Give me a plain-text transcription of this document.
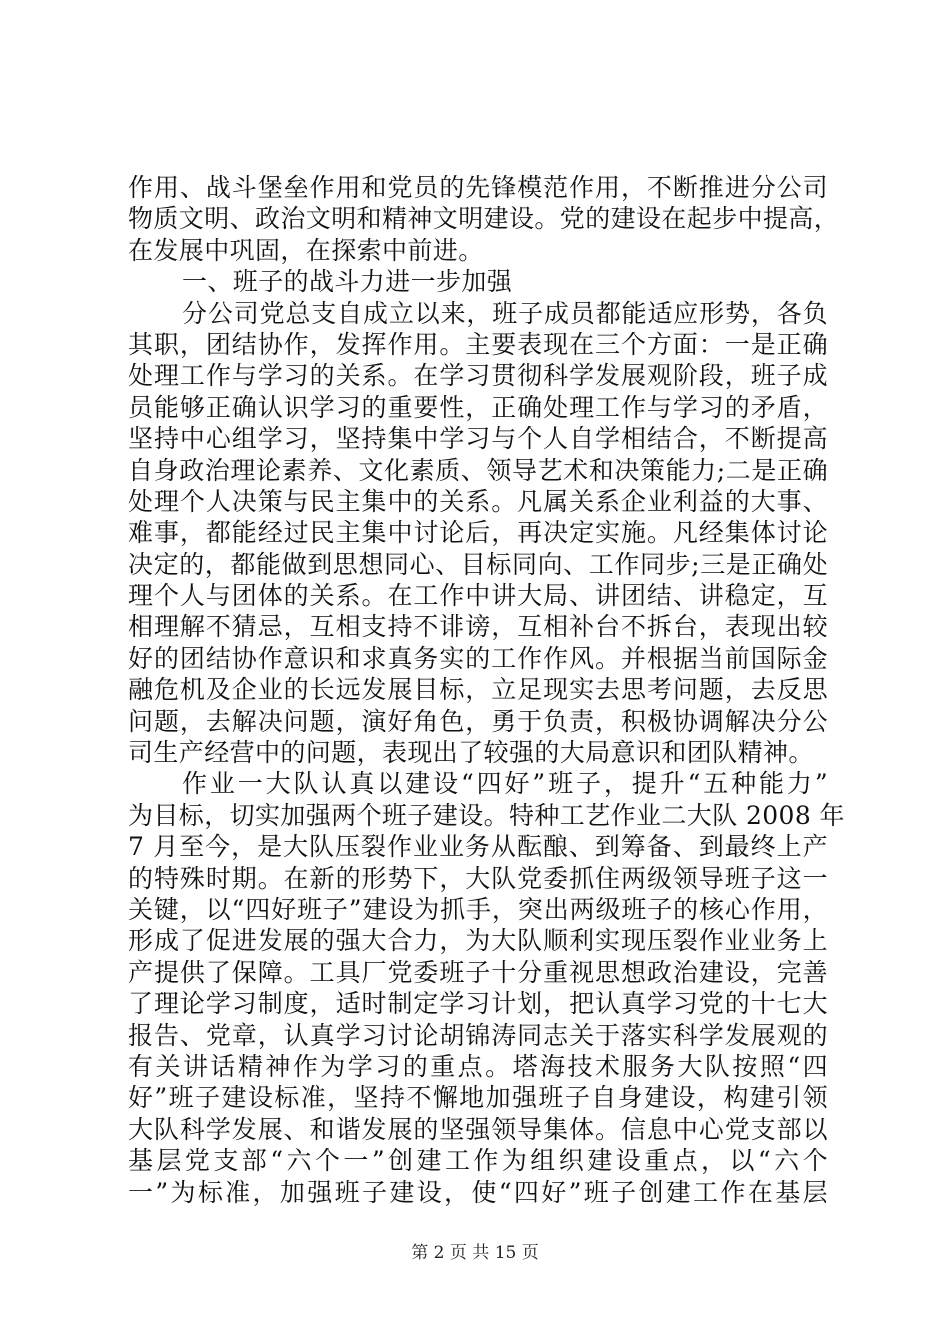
作用、战斗堡垒作用和党员的先锋模范作用，不断推进分公司
物质文明、政治文明和精神文明建设。党的建设在起步中提高，
在发展中巩固，在探索中前进。
一、班子的战斗力进一步加强
分公司党总支自成立以来，班子成员都能适应形势，各负
其职，团结协作，发挥作用。主要表现在三个方面：一是正确
处理工作与学习的关系。在学习贯彻科学发展观阶段，班子成
员能够正确认识学习的重要性，正确处理工作与学习的矛盾，
坚持中心组学习，坚持集中学习与个人自学相结合，不断提高
自身政治理论素养、文化素质、领导艺术和决策能力;二是正确
处理个人决策与民主集中的关系。凡属关系企业利益的大事、
难事，都能经过民主集中讨论后，再决定实施。凡经集体讨论
决定的，都能做到思想同心、目标同向、工作同步;三是正确处
理个人与团体的关系。在工作中讲大局、讲团结、讲稳定，互
相理解不猜忌，互相支持不诽谤，互相补台不拆台，表现出较
好的团结协作意识和求真务实的工作作风。并根据当前国际金
融危机及企业的长远发展目标，立足现实去思考问题，去反思
问题，去解决问题，演好角色，勇于负责，积极协调解决分公
司生产经营中的问题，表现出了较强的大局意识和团队精神。
作业一大队认真以建设“四好”班子，提升“五种能力”
为目标，切实加强两个班子建设。特种工艺作业二大队 2008 年
7 月至今，是大队压裂作业业务从酝酿、到筹备、到最终上产
的特殊时期。在新的形势下，大队党委抓住两级领导班子这一
关键，以“四好班子”建设为抓手，突出两级班子的核心作用，
形成了促进发展的强大合力，为大队顺利实现压裂作业业务上
产提供了保障。工具厂党委班子十分重视思想政治建设，完善
了理论学习制度，适时制定学习计划，把认真学习党的十七大
报告、党章，认真学习讨论胡锦涛同志关于落实科学发展观的
有关讲话精神作为学习的重点。塔海技术服务大队按照“四
好”班子建设标准，坚持不懈地加强班子自身建设，构建引领
大队科学发展、和谐发展的坚强领导集体。信息中心党支部以
基层党支部“六个一”创建工作为组织建设重点，以“六个
一”为标准，加强班子建设，使“四好”班子创建工作在基层
第 2 页 共 15 页
